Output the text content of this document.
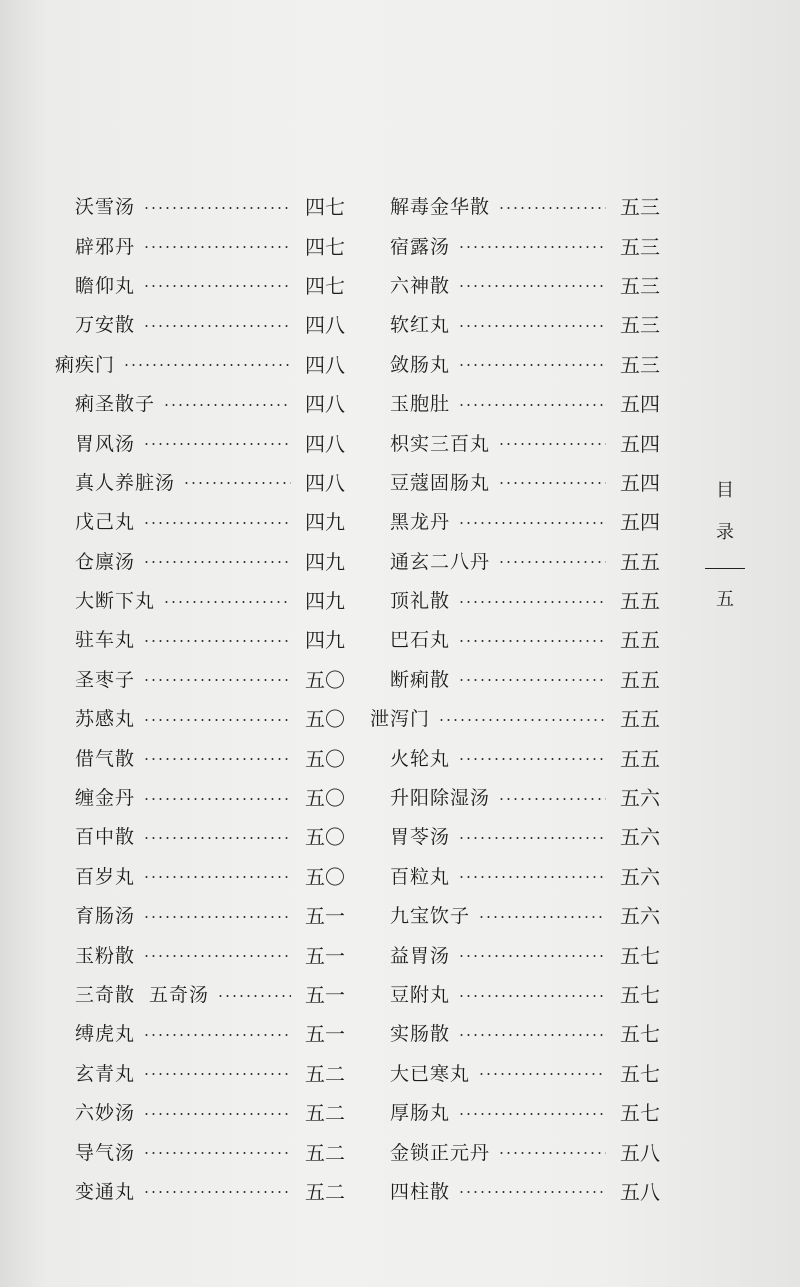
沃雪汤	四七
辟邪丹	四七
瞻仰丸	四七
万安散	四八
痢疾门	四八
痢圣散子	四八
胃风汤	四八
真人养脏汤	四八
戊己丸	四九
仓廪汤	四九
大断下丸	四九
驻车丸	四九
圣枣子	五〇
苏感丸	五〇
借气散	五〇
缠金丹	五〇
百中散	五〇
百岁丸	五〇
育肠汤	五一
玉粉散	五一
三奇散 五奇汤	五一
缚虎丸	五一
玄青丸	五二
六妙汤	五二
导气汤	五二
变通丸	五二
解毒金华散	五三
宿露汤	五三
六神散	五三
软红丸	五三
敛肠丸	五三
玉胞肚	五四
枳实三百丸	五四
豆蔻固肠丸	五四
黑龙丹	五四
通玄二八丹	五五
顶礼散	五五
巴石丸	五五
断痢散	五五
泄泻门	五五
火轮丸	五五
升阳除湿汤	五六
胃苓汤	五六
百粒丸	五六
九宝饮子	五六
益胃汤	五七
豆附丸	五七
实肠散	五七
大已寒丸	五七
厚肠丸	五七
金锁正元丹	五八
四柱散	五八
目
录
五
